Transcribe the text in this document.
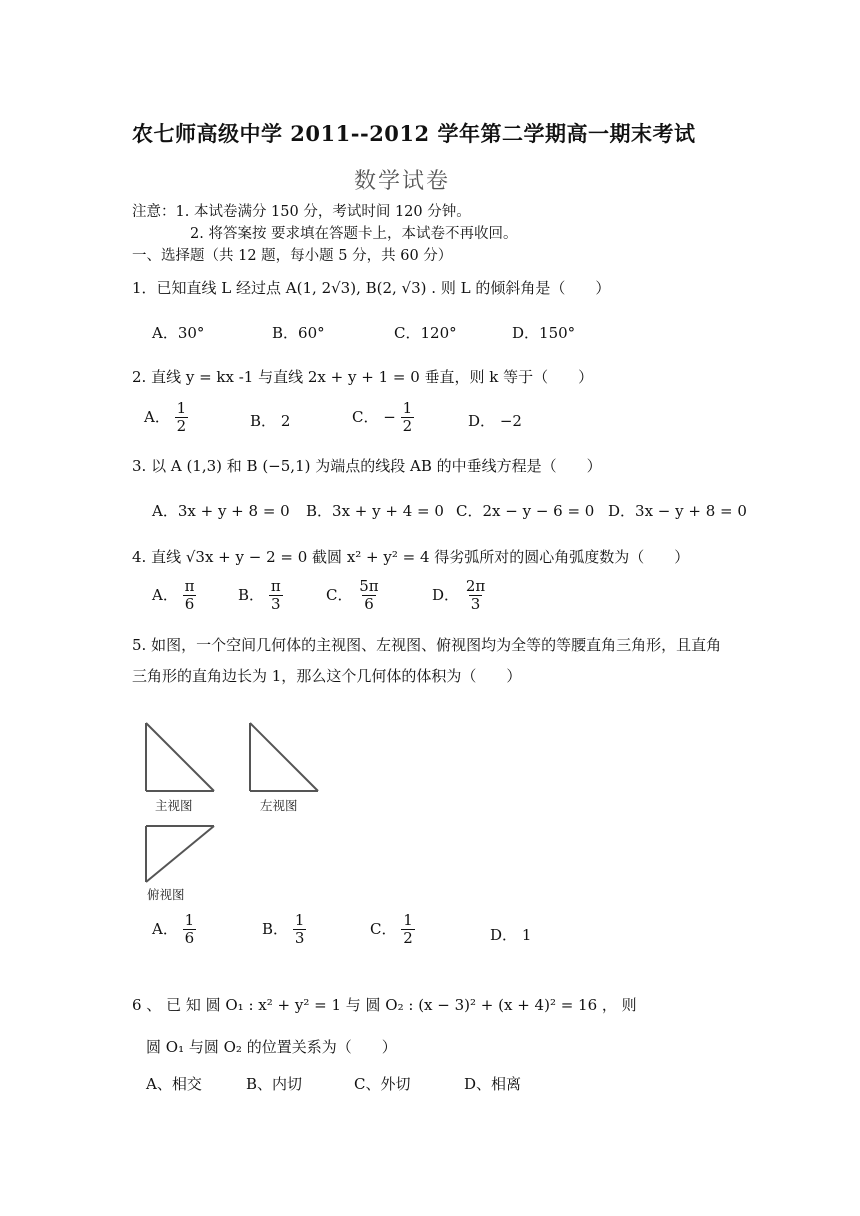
农七师高级中学 2011--2012 学年第二学期高一期末考试
数学试卷
注意：1. 本试卷满分 150 分，考试时间 120 分钟。
2. 将答案按 要求填在答题卡上，本试卷不再收回。
一、选择题（共 12 题，每小题 5 分，共 60 分）
1．已知直线 L 经过点 A(1, 2√3), B(2, √3) . 则 L 的倾斜角是（　　）
A．30°	B．60°	C．120°	D．150°
2. 直线 y = kx -1 与直线 2x + y + 1 = 0 垂直，则 k 等于（　　）
A． $\frac{1}{2}$	B． 2	C． − $\frac{1}{2}$	D． −2
3. 以 A (1,3) 和 B (−5,1) 为端点的线段 AB 的中垂线方程是（　　）
A．3x + y + 8 = 0 B．3x + y + 4 = 0 C．2x − y − 6 = 0 D．3x − y + 8 = 0
4. 直线 √3x + y − 2 = 0 截圆 x² + y² = 4 得劣弧所对的圆心角弧度数为（　　）
A． $\frac{\pi}{6}$	B． $\frac{\pi}{3}$	C． $\frac{5\pi}{6}$	D． $\frac{2\pi}{3}$
5. 如图，一个空间几何体的主视图、左视图、俯视图均为全等的等腰直角三角形，且直角
三角形的直角边长为 1，那么这个几何体的体积为（　　）
主视图	左视图
俯视图
A． $\frac{1}{6}$	B． $\frac{1}{3}$	C． $\frac{1}{2}$	D． 1
6 、 已 知 圆 O₁ : x² + y² = 1 与 圆 O₂ : (x − 3)² + (x + 4)² = 16 ， 则
圆 O₁ 与圆 O₂ 的位置关系为（　　）
A、相交	B、内切	C、外切	D、相离
